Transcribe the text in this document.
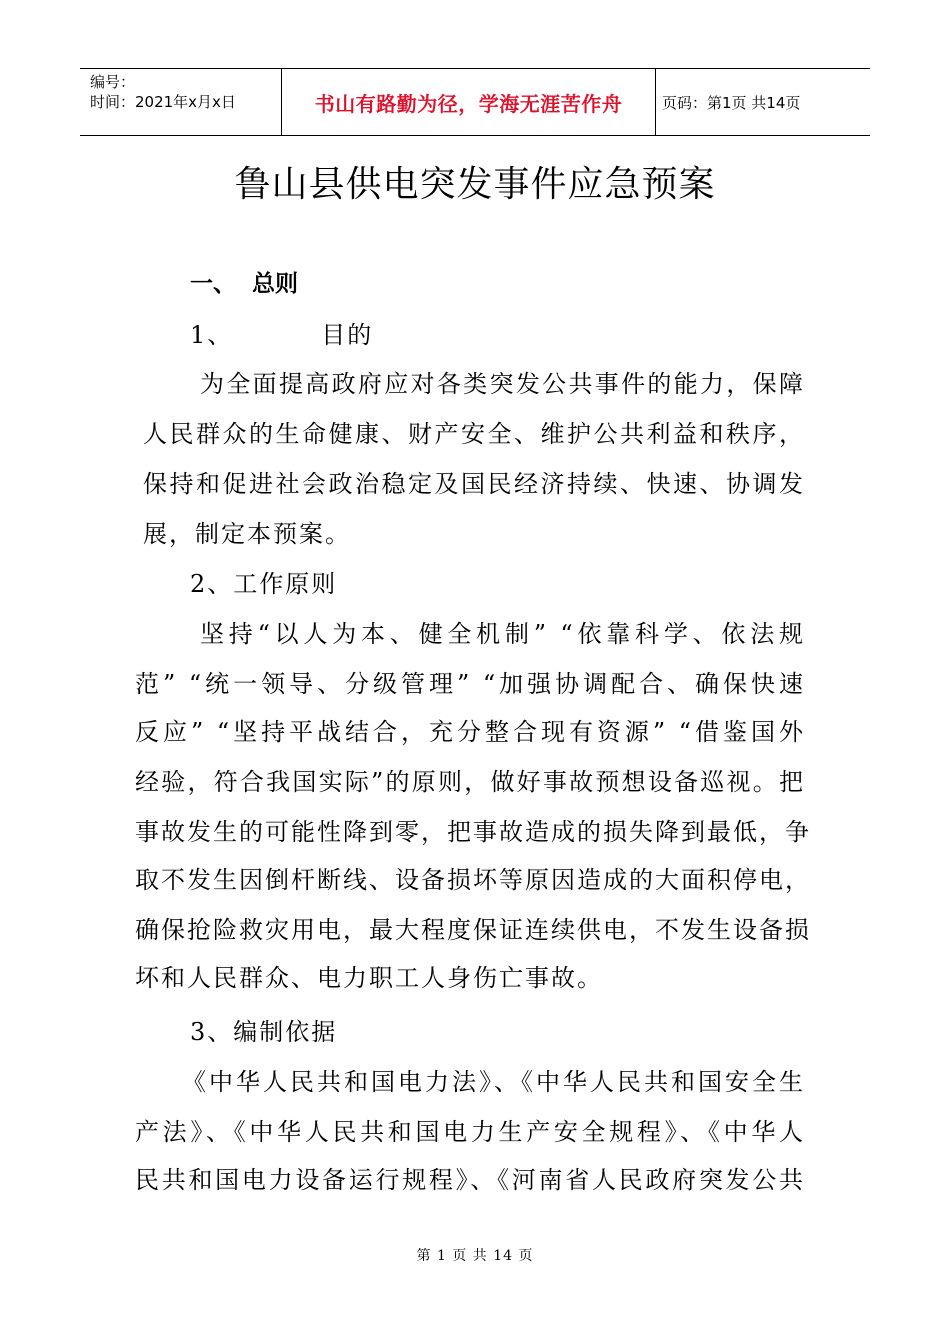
编号：
时间：2021年x月x日	书山有路勤为径，学海无涯苦作舟	页码：第1页 共14页
鲁山县供电突发事件应急预案
一、 总则
1、	目的
为全面提高政府应对各类突发公共事件的能力，保障
人民群众的生命健康、财产安全、维护公共利益和秩序，
保持和促进社会政治稳定及国民经济持续、快速、协调发
展，制定本预案。
2、工作原则
坚持“以人为本、健全机制” “依靠科学、依法规
范” “统一领导、分级管理” “加强协调配合、确保快速
反应” “坚持平战结合，充分整合现有资源” “借鉴国外
经验，符合我国实际”的原则，做好事故预想设备巡视。把
事故发生的可能性降到零，把事故造成的损失降到最低，争
取不发生因倒杆断线、设备损坏等原因造成的大面积停电，
确保抢险救灾用电，最大程度保证连续供电，不发生设备损
坏和人民群众、电力职工人身伤亡事故。
3、编制依据
《中华人民共和国电力法》、《中华人民共和国安全生
产法》、《中华人民共和国电力生产安全规程》、《中华人
民共和国电力设备运行规程》、《河南省人民政府突发公共
第 1 页 共 14 页
